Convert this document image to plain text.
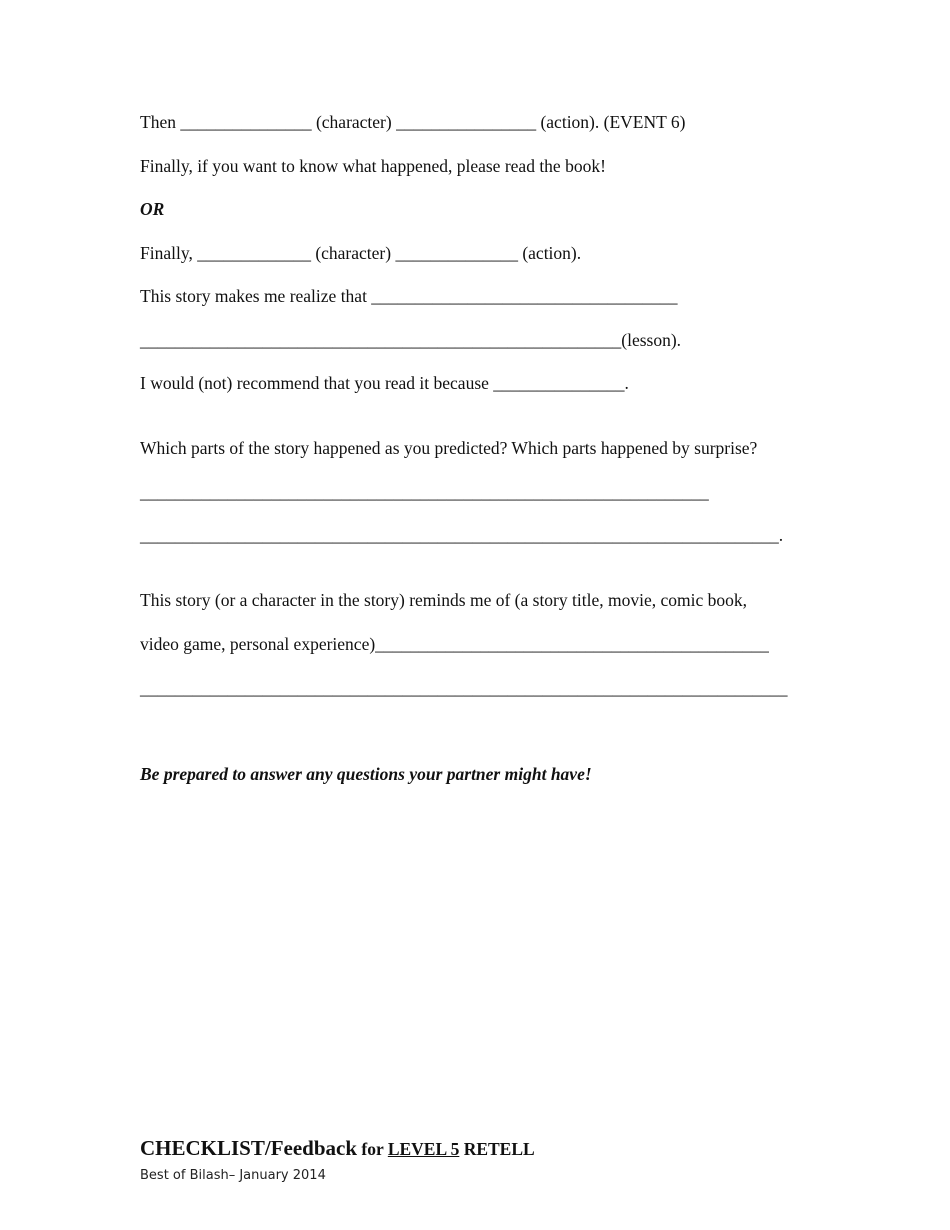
Then _______________ (character) ________________ (action). (EVENT 6)
Finally, if you want to know what happened, please read the book!
OR
Finally, _____________ (character) ______________ (action).
This story makes me realize that ___________________________________
_______________________________________________________(lesson).
I would (not) recommend that you read it because _______________.
Which parts of the story happened as you predicted? Which parts happened by surprise?
_________________________________________________________________
_________________________________________________________________________.
This story (or a character in the story) reminds me of (a story title, movie, comic book,
video game, personal experience)_____________________________________________
__________________________________________________________________________
Be prepared to answer any questions your partner might have!
CHECKLIST/Feedback for LEVEL 5 RETELL
Best of Bilash– January 2014
